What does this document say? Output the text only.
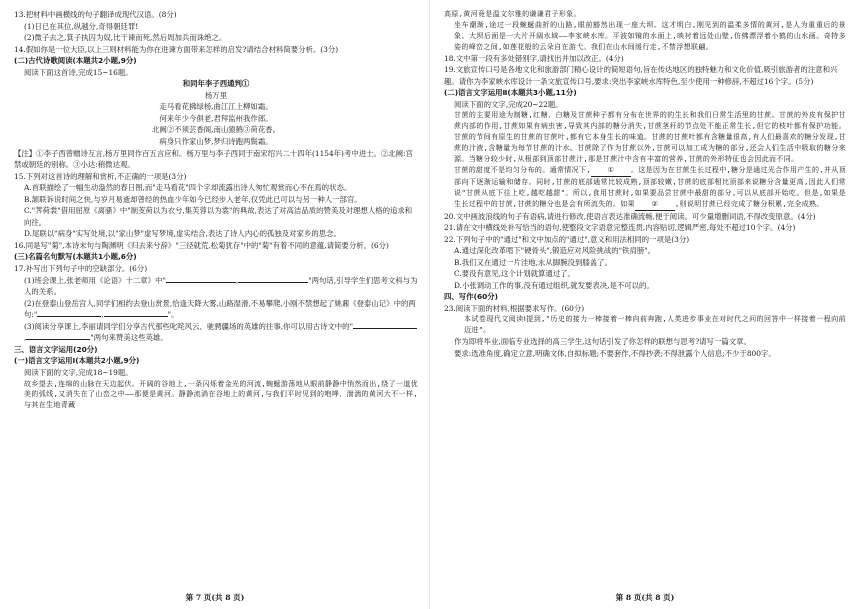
13.把材料中画横线的句子翻译成现代汉语。(8分)
(1)日已在其位,纵越分,奇得朝廷罪!
(2)微子去之,箕子执囚为奴,比干谏而死,然后周加兵而诛绝之。
14.假如你是一位大臣,以上三则材料能为你在进谏方面带来怎样的启发?请结合材料简要分析。(3分)
(二)古代诗歌阅读(本题共2小题,9分)
阅读下面这首诗,完成15~16题。
和同年李子西通判①
杨万里
走马看花拂绿杨,曲江江上柳如霜。
何来年少今俱老,君拜监州我作郎。
北阙②不须芸香阁,南山猿鹤③荷花香。
病身只作家山梦,梦归诗跑两鬓霜。
【注】①李子西曾赠诗互言,杨万里同作百五言应和。杨万里与李子西同于南宋绍兴二十四年(1154年)考中进士。②北阙:宫禁或朝廷的别称。③小达:稍微达观。
15.下列对这首诗的理解和赏析,不正确的一项是(3分)
A.首联描绘了一幅生动盎然的春日图,而"走马看花"四个字却流露出诗人匆忙观赏而心不在焉的状态。
B.颔联诉说时间之快,与岁月易逝却曾经的热血少年如今已经步入老年,仅凭此已可以与另一种人一部官。
C."荠荷裳"借用屈原《离骚》中"制芰荷以为衣兮,集芙蓉以为裳"的典故,表达了对高洁品质的赞美及对理想人格的追求和向往。
D.尾联以"病身"实写处境,以"家山梦"虚写梦境,虚实结合,表达了诗人内心的孤独及对家乡的思念。
16.同是写"菊",本诗末句与陶渊明《归去来兮辞》"三径就荒,松菊犹存"中的"菊"有着不同的意蕴,请简要分析。(6分)
(三)名篇名句默写(本题共1小题,6分)
17.补写出下列句子中的空缺部分。(6分)
(1)班会课上,张老师用《论语》十二章》中"	,	"两句话,引导学生们思考文科与为人的关系。
(2)在登泰山登岳宫人,同学们相约去登山赏景,恰逢天降大雾,山路湿滑,不易攀爬,小刚不禁想起了姚鼐《登泰山记》中的两句:"	,	"。
(3)阅读分享课上,李丽请同学们分享古代那些叱咤风云、驰骋疆场的英雄的往事,你可以用古诗文中的",	"两句来赞美这些英雄。
三、语言文字运用(20分)
(一)语言文字运用Ⅰ(本题共2小题,9分)
阅读下面的文字,完成18~19题。
故乡望去,连绵的山脉在天边起伏。开阔的谷地上,一条闪烁着金光的河流,蜿蜒游荡地从眼前静静中悄然而出,绕了一道优美的弧线,又消失在了山峦之中——那便是黄河。静静流淌在谷地上的黄河,与我们平时见到的咆哮、湍湍的黄河大不一样,与其在生地青藏
第 7 页(共 8 页)
高原,黄河竟是温文尔雅的谦谦君子形象。
坐车潮渐,途过一段蜿蜒曲折的山路,眼前豁然出现一座大坝。这才明白,刚见到的温柔多情的黄河,是人为重重后的景象。大坝后面是一大片开阔水域——李家峡水库。平波如镜的水面上,映衬着远处山壁,仿佛漂浮着小鹤的山水画。奇特多姿的峰峦之间,如莲花般的云朵自在游弋。我们在山水间缓行走,不禁浮想联翩。
18.文中第一段有多处错别字,请找出并加以改正。(4分)
19.文旅宣传口号是各地文化和旅游部门精心设计的简短语句,旨在传达地区的独特魅力和文化价值,吸引旅游者的注意和兴趣。请你为李家峡水库设计一条文旅宣传口号,要求:突出李家峡水库特色,至少使用一种修辞,不超过16个字。(5分)
(二)语言文字运用Ⅱ(本题共3小题,11分)
阅读下面的文字,完成20~22题。
甘蔗的主要用途为制糖,红糖、白糖及甘蔗种子都有分布在世界的的生长和我们日常生活里的甘蔗。甘蔗的外皮有保护甘蔗内部的作用,甘蔗如果有病虫害,导致其内部的糖分消失,甘蔗茎秆的节点处不能正常生长,但它的枝叶都有保护功能。甘蔗的节间有原生的甘蔗的甘蔗叶,都有它本身生长的味道。甘蔗的甘蔗叶都有含糖量很高,有人们最喜欢的糖分发现,甘蔗的汁液,含糖量为每节甘蔗的汁水。甘蔗除了作为甘蔗以外,甘蔗可以加工成为糖的部分,还会人们生活中吸取的糖分来源。当糖分较少时,从根部到顶部甘蔗汁,那是甘蔗汁中含有丰富的营养,甘蔗的外形特征也会因此而不同。
甘蔗的甜度不是均匀分布的。通常情况下, ① 。这是因为在甘蔗生长过程中,糖分是通过光合作用产生的,并从顶部向下逐渐运输和储存。同时,甘蔗的底部通常比较成熟,顶部较嫩,甘蔗的底部相比顶部来说糖分含量更高,因此人们常说"甘蔗从底下往上吃,越吃越甜"。所以,食用甘蔗时,如果要品尝甘蔗中最甜的部分,可以从底部开始吃。但是,如果是生长过程中的甘蔗,甘蔗的糖分也是会有所流失的。如果 ② ,则说明甘蔗已经完成了糖分积累,完全成熟。
20.文中画波浪线的句子有语病,请进行修改,使语言表达准确流畅,便于阅读。可少量增删词语,不得改变原意。(4分)
21.请在文中横线处补写恰当的语句,使整段文字语意完整连贯,内容贴切,逻辑严密,每处不超过10个字。(4分)
22.下列句子中的"通过"和文中加点的"通过",意义和用法相同的一项是(3分)
A.通过深化改革啃下"硬骨头",锻造应对风险挑战的"铁肩膀"。
B.我们又在通过一片洼地,永从脚腕没到膝盖了。
C.要没有意见,这个计划就算通过了。
D.小张调动工作的事,没有通过组织,就发要表决,是不可以的。
四、写作(60分)
23.阅读下面的材料,根据要求写作。(60分)
本试卷现代文阅读Ⅰ提到,"历史的接力一棒接着一棒向前奔跑,人类进步事业在对时代之问的回答中一样接着一程向前迈进"。
作为即将毕业,面临专业选择的高三学生,这句话引发了你怎样的联想与思考?请写一篇文章。
要求:选准角度,确定立意,明确文体,自拟标题;不要套作,不得抄袭;不得泄露个人信息;不少于800字。
第 8 页(共 8 页)
